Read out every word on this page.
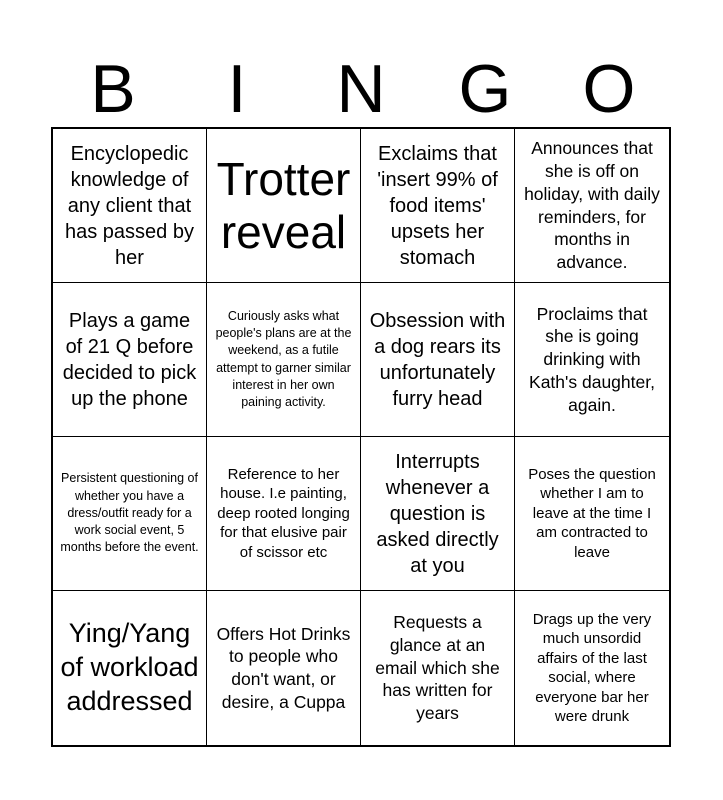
B	I	N	G	O
Encyclopedic knowledge of any client that has passed by her
Trotter reveal
Exclaims that 'insert 99% of food items' upsets her stomach
Announces that she is off on holiday, with daily reminders, for months in advance.
Plays a game of 21 Q before decided to pick up the phone
Curiously asks what people's plans are at the weekend, as a futile attempt to garner similar interest in her own paining activity.
Obsession with a dog rears its unfortunately furry head
Proclaims that she is going drinking with Kath's daughter, again.
Persistent questioning of whether you have a dress/outfit ready for a work social event, 5 months before the event.
Reference to her house. I.e painting, deep rooted longing for that elusive pair of scissor etc
Interrupts whenever a question is asked directly at you
Poses the question whether I am to leave at the time I am contracted to leave
Ying/Yang of workload addressed
Offers Hot Drinks to people who don't want, or desire, a Cuppa
Requests a glance at an email which she has written for years
Drags up the very much unsordid affairs of the last social, where everyone bar her were drunk
